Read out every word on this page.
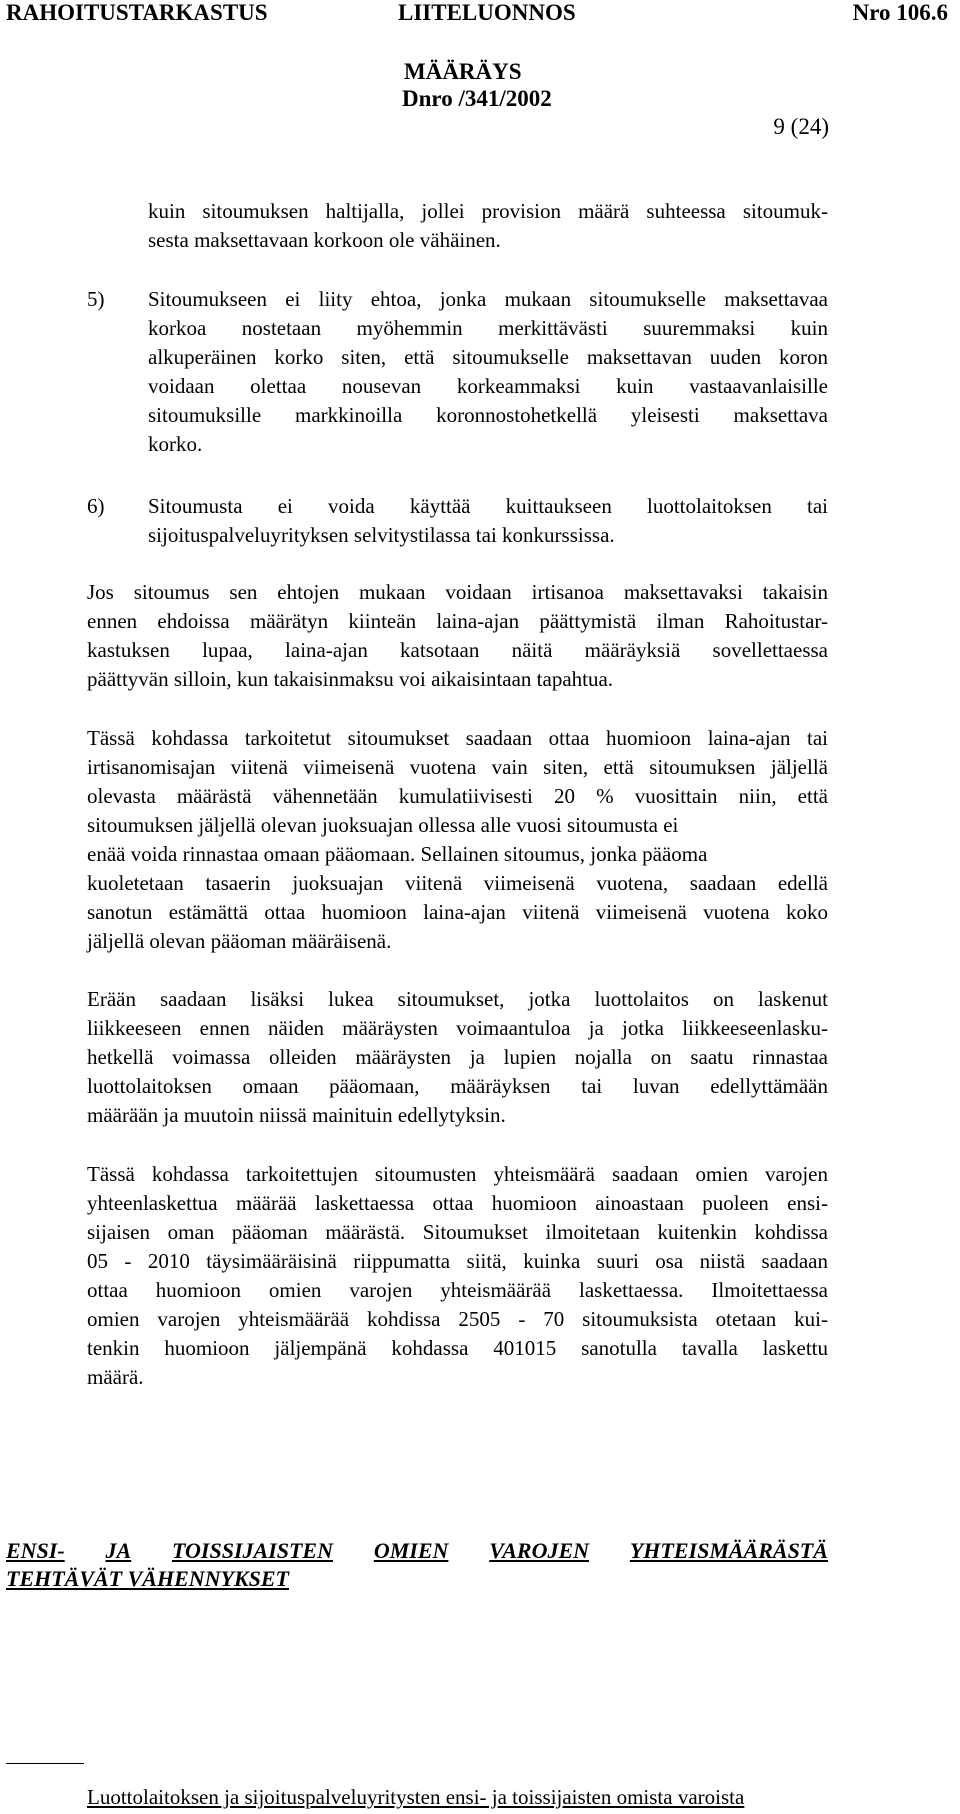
RAHOITUSTARKASTUS	LIITELUONNOS	Nro 106.6
MÄÄRÄYS
Dnro /341/2002
9 (24)
kuin sitoumuksen haltijalla, jollei provision määrä suhteessa sitoumuk-
sesta maksettavaan korkoon ole vähäinen.
5) Sitoumukseen ei liity ehtoa, jonka mukaan sitoumukselle maksettavaa
korkoa nostetaan myöhemmin merkittävästi suuremmaksi kuin
alkuperäinen korko siten, että sitoumukselle maksettavan uuden koron
voidaan olettaa nousevan korkeammaksi kuin vastaavanlaisille
sitoumuksille markkinoilla koronnostohetkellä yleisesti maksettava
korko.
6) Sitoumusta ei voida käyttää kuittaukseen luottolaitoksen tai
sijoituspalveluyrityksen selvitystilassa tai konkurssissa.
Jos sitoumus sen ehtojen mukaan voidaan irtisanoa maksettavaksi takaisin
ennen ehdoissa määrätyn kiinteän laina-ajan päättymistä ilman Rahoitustar-
kastuksen lupaa, laina-ajan katsotaan näitä määräyksiä sovellettaessa
päättyvän silloin, kun takaisinmaksu voi aikaisintaan tapahtua.
Tässä kohdassa tarkoitetut sitoumukset saadaan ottaa huomioon laina-ajan tai
irtisanomisajan viitenä viimeisenä vuotena vain siten, että sitoumuksen jäljellä
olevasta määrästä vähennetään kumulatiivisesti 20 % vuosittain niin, että
sitoumuksen jäljellä olevan juoksuajan ollessa alle vuosi sitoumusta ei
enää voida rinnastaa omaan pääomaan. Sellainen sitoumus, jonka pääoma
kuoletetaan tasaerin juoksuajan viitenä viimeisenä vuotena, saadaan edellä
sanotun estämättä ottaa huomioon laina-ajan viitenä viimeisenä vuotena koko
jäljellä olevan pääoman määräisenä.
Erään saadaan lisäksi lukea sitoumukset, jotka luottolaitos on laskenut
liikkeeseen ennen näiden määräysten voimaantuloa ja jotka liikkeeseenlasku-
hetkellä voimassa olleiden määräysten ja lupien nojalla on saatu rinnastaa
luottolaitoksen omaan pääomaan, määräyksen tai luvan edellyttämään
määrään ja muutoin niissä mainituin edellytyksin.
Tässä kohdassa tarkoitettujen sitoumusten yhteismäärä saadaan omien varojen
yhteenlaskettua määrää laskettaessa ottaa huomioon ainoastaan puoleen ensi-
sijaisen oman pääoman määrästä. Sitoumukset ilmoitetaan kuitenkin kohdissa
05 - 2010 täysimääräisinä riippumatta siitä, kuinka suuri osa niistä saadaan
ottaa huomioon omien varojen yhteismäärää laskettaessa. Ilmoitettaessa
omien varojen yhteismäärää kohdissa 2505 - 70 sitoumuksista otetaan kui-
tenkin huomioon jäljempänä kohdassa 401015 sanotulla tavalla laskettu
määrä.
ENSI- JA TOISSIJAISTEN OMIEN VAROJEN YHTEISMÄÄRÄSTÄ
TEHTÄVÄT VÄHENNYKSET
Luottolaitoksen ja sijoituspalveluyritysten ensi- ja toissijaisten omista varoista
